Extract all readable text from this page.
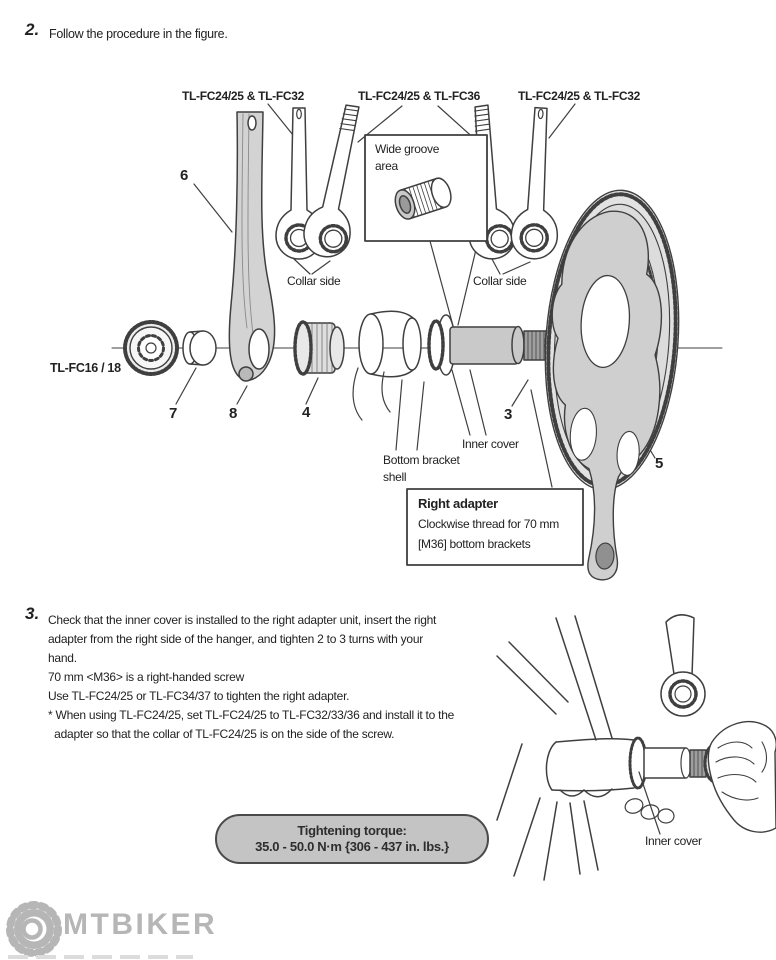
2. Follow the procedure in the figure.
TL-FC24/25 & TL-FC32	TL-FC24/25 & TL-FC36	TL-FC24/25 & TL-FC32
Wide groove area
Collar side	Collar side
TL-FC16 / 18
6
7	8	4	3
5
Bottom bracket shell
Inner cover
Right adapter
Clockwise thread for 70 mm
[M36] bottom brackets
3. Check that the inner cover is installed to the right adapter unit, insert the right
adapter from the right side of the hanger, and tighten 2 to 3 turns with your
hand.
70 mm <M36> is a right-handed screw
Use TL-FC24/25 or TL-FC34/37 to tighten the right adapter.
* When using TL-FC24/25, set TL-FC24/25 to TL-FC32/33/36 and install it to the
adapter so that the collar of TL-FC24/25 is on the side of the screw.
Tightening torque:
35.0 - 50.0 N·m {306 - 437 in. lbs.}	Inner cover
MTBIKER
